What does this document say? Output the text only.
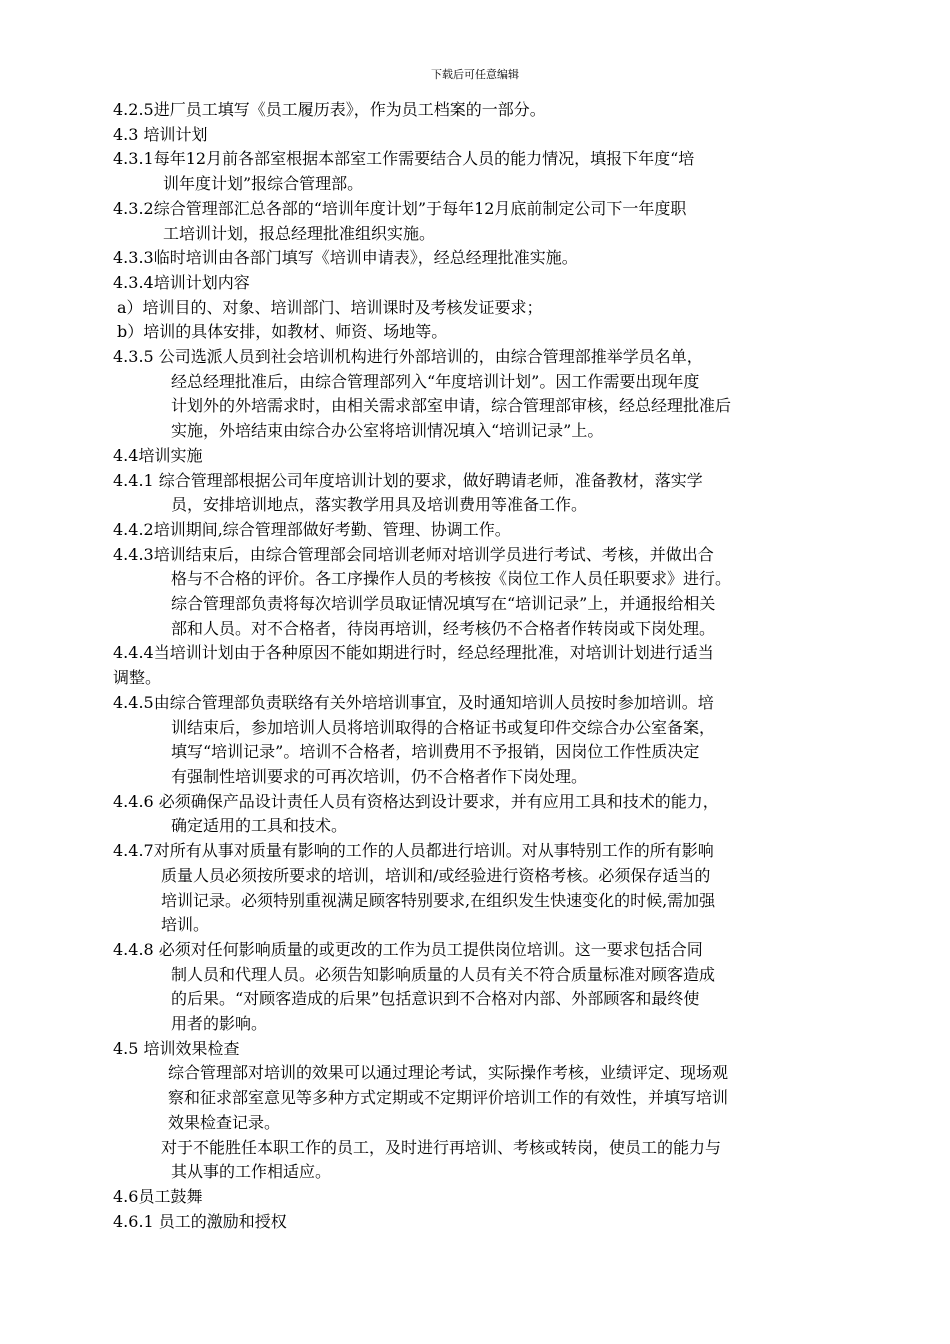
下载后可任意编辑
4.2.5进厂员工填写《员工履历表》，作为员工档案的一部分。
4.3 培训计划
4.3.1每年12月前各部室根据本部室工作需要结合人员的能力情况，填报下年度“培
训年度计划”报综合管理部。
4.3.2综合管理部汇总各部的“培训年度计划”于每年12月底前制定公司下一年度职
工培训计划，报总经理批准组织实施。
4.3.3临时培训由各部门填写《培训申请表》，经总经理批准实施。
4.3.4培训计划内容
a）培训目的、对象、培训部门、培训课时及考核发证要求；
b）培训的具体安排，如教材、师资、场地等。
4.3.5 公司选派人员到社会培训机构进行外部培训的，由综合管理部推举学员名单，
经总经理批准后，由综合管理部列入“年度培训计划”。因工作需要出现年度
计划外的外培需求时，由相关需求部室申请，综合管理部审核，经总经理批准后
实施，外培结束由综合办公室将培训情况填入“培训记录”上。
4.4培训实施
4.4.1 综合管理部根据公司年度培训计划的要求，做好聘请老师，准备教材，落实学
员，安排培训地点，落实教学用具及培训费用等准备工作。
4.4.2培训期间,综合管理部做好考勤、管理、协调工作。
4.4.3培训结束后，由综合管理部会同培训老师对培训学员进行考试、考核，并做出合
格与不合格的评价。各工序操作人员的考核按《岗位工作人员任职要求》进行。
综合管理部负责将每次培训学员取证情况填写在“培训记录”上，并通报给相关
部和人员。对不合格者，待岗再培训，经考核仍不合格者作转岗或下岗处理。
4.4.4当培训计划由于各种原因不能如期进行时，经总经理批准，对培训计划进行适当
调整。
4.4.5由综合管理部负责联络有关外培培训事宜，及时通知培训人员按时参加培训。培
训结束后，参加培训人员将培训取得的合格证书或复印件交综合办公室备案，
填写“培训记录”。培训不合格者，培训费用不予报销，因岗位工作性质决定
有强制性培训要求的可再次培训，仍不合格者作下岗处理。
4.4.6 必须确保产品设计责任人员有资格达到设计要求，并有应用工具和技术的能力，
确定适用的工具和技术。
4.4.7对所有从事对质量有影响的工作的人员都进行培训。对从事特别工作的所有影响
质量人员必须按所要求的培训，培训和/或经验进行资格考核。必须保存适当的
培训记录。必须特别重视满足顾客特别要求,在组织发生快速变化的时候,需加强
培训。
4.4.8 必须对任何影响质量的或更改的工作为员工提供岗位培训。这一要求包括合同
制人员和代理人员。必须告知影响质量的人员有关不符合质量标准对顾客造成
的后果。“对顾客造成的后果”包括意识到不合格对内部、外部顾客和最终使
用者的影响。
4.5 培训效果检查
综合管理部对培训的效果可以通过理论考试，实际操作考核，业绩评定、现场观
察和征求部室意见等多种方式定期或不定期评价培训工作的有效性，并填写培训
效果检查记录。
对于不能胜任本职工作的员工，及时进行再培训、考核或转岗，使员工的能力与
其从事的工作相适应。
4.6员工鼓舞
4.6.1 员工的激励和授权
